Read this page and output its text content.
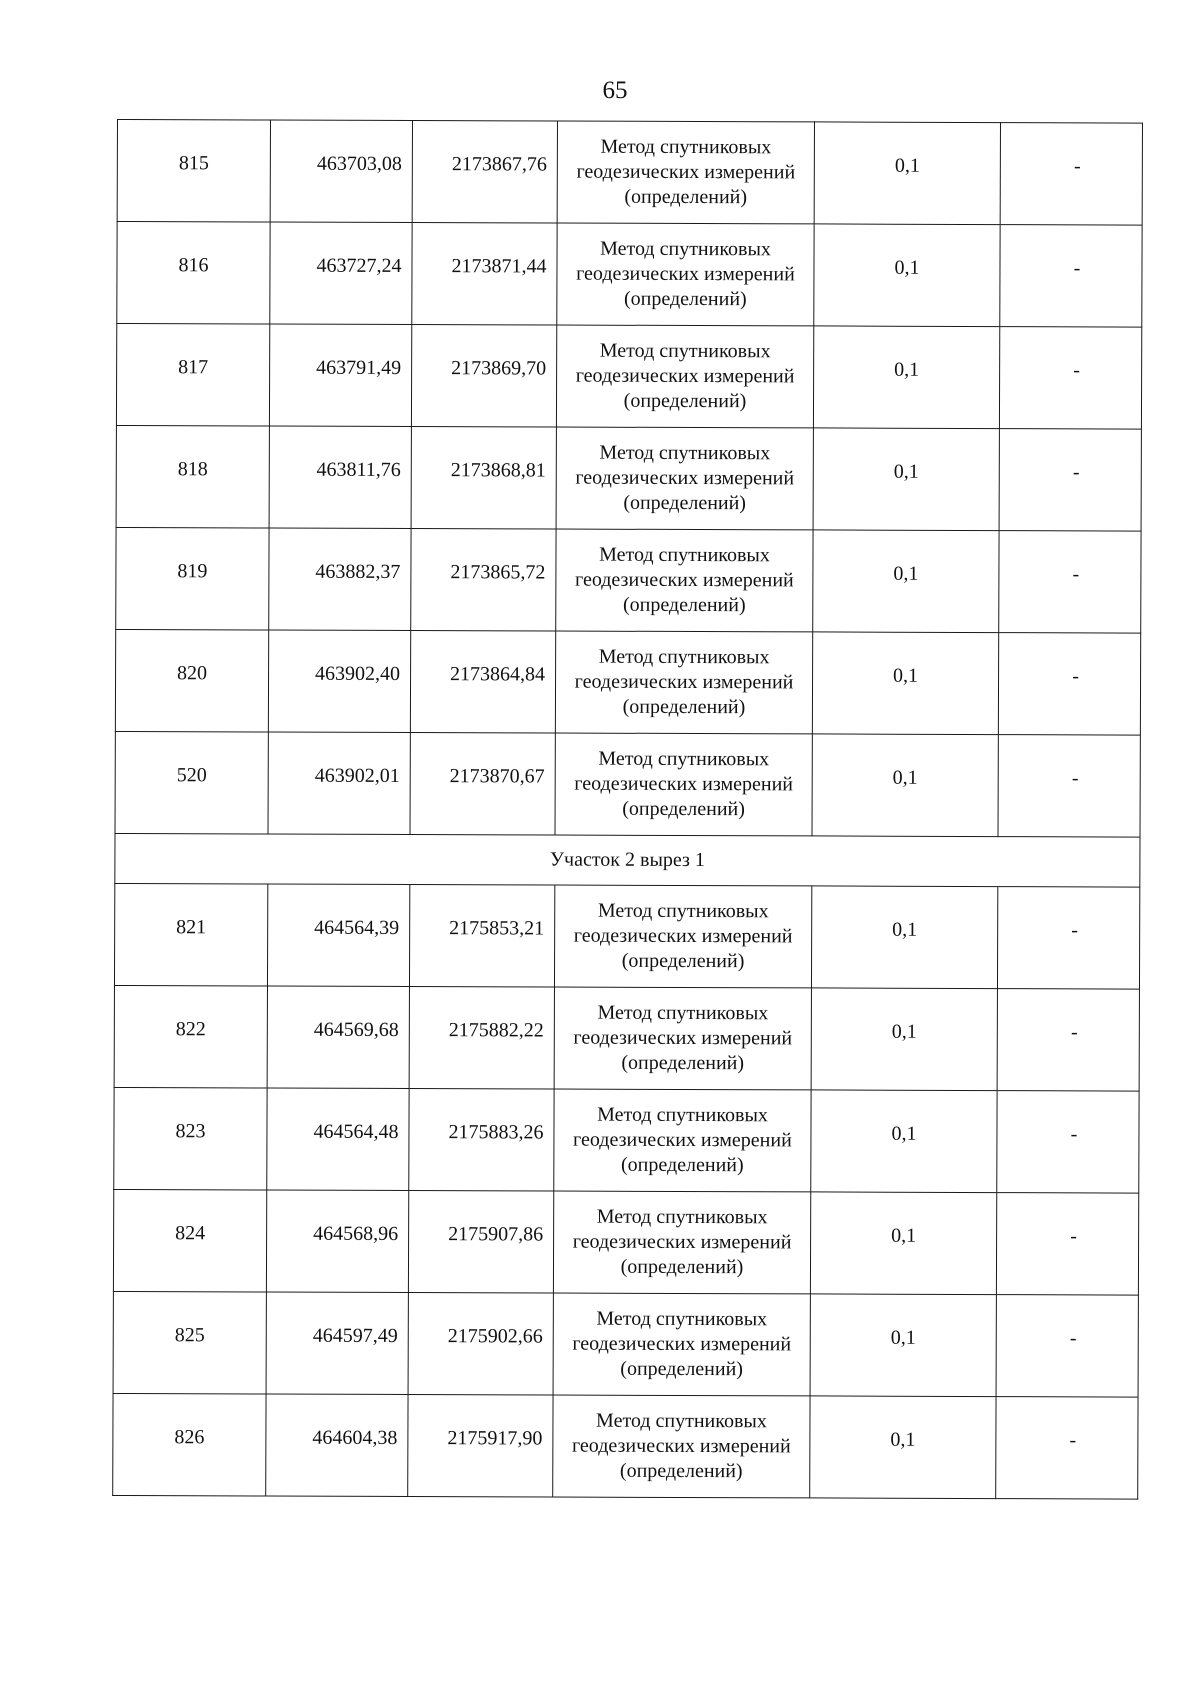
65
815	463703,08	2173867,76	Метод спутниковых
геодезических измерений
(определений)	0,1	-
816	463727,24	2173871,44	Метод спутниковых
геодезических измерений
(определений)	0,1	-
817	463791,49	2173869,70	Метод спутниковых
геодезических измерений
(определений)	0,1	-
818	463811,76	2173868,81	Метод спутниковых
геодезических измерений
(определений)	0,1	-
819	463882,37	2173865,72	Метод спутниковых
геодезических измерений
(определений)	0,1	-
820	463902,40	2173864,84	Метод спутниковых
геодезических измерений
(определений)	0,1	-
520	463902,01	2173870,67	Метод спутниковых
геодезических измерений
(определений)	0,1	-
Участок 2 вырез 1					
821	464564,39	2175853,21	Метод спутниковых
геодезических измерений
(определений)	0,1	-
822	464569,68	2175882,22	Метод спутниковых
геодезических измерений
(определений)	0,1	-
823	464564,48	2175883,26	Метод спутниковых
геодезических измерений
(определений)	0,1	-
824	464568,96	2175907,86	Метод спутниковых
геодезических измерений
(определений)	0,1	-
825	464597,49	2175902,66	Метод спутниковых
геодезических измерений
(определений)	0,1	-
826	464604,38	2175917,90	Метод спутниковых
геодезических измерений
(определений)	0,1	-
